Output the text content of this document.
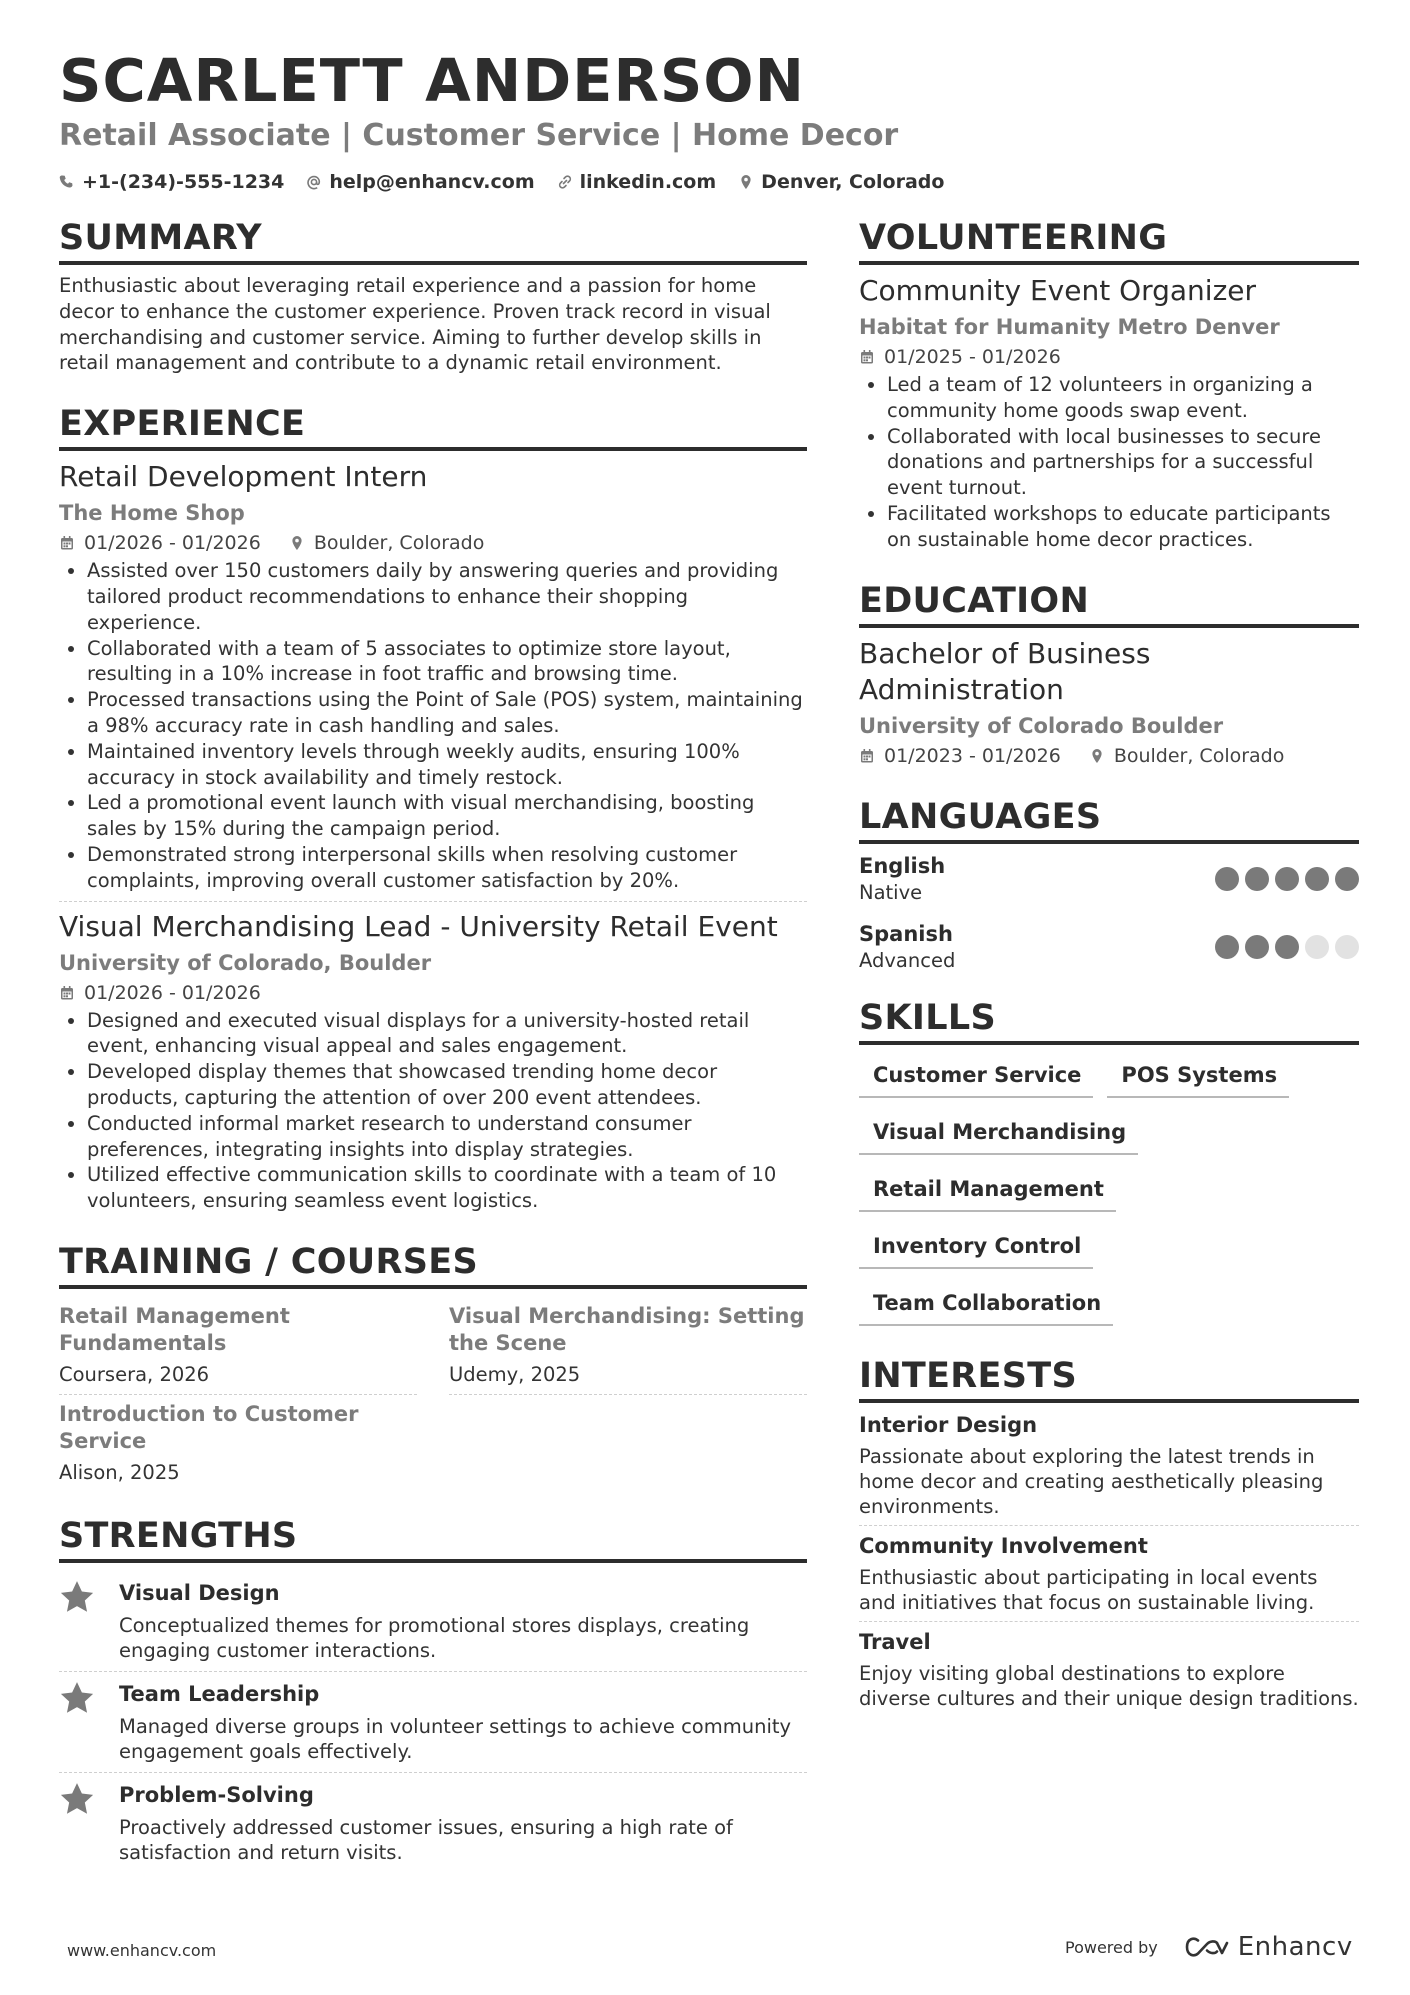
SCARLETT ANDERSON
Retail Associate | Customer Service | Home Decor
+1-(234)-555-1234 help@enhancv.com linkedin.com Denver, Colorado
SUMMARY
Enthusiastic about leveraging retail experience and a passion for home decor to enhance the customer experience. Proven track record in visual merchandising and customer service. Aiming to further develop skills in retail management and contribute to a dynamic retail environment.
EXPERIENCE
Retail Development Intern
The Home Shop
01/2026 - 01/2026	Boulder, Colorado
• Assisted over 150 customers daily by answering queries and providing tailored product recommendations to enhance their shopping experience.
• Collaborated with a team of 5 associates to optimize store layout, resulting in a 10% increase in foot traffic and browsing time.
• Processed transactions using the Point of Sale (POS) system, maintaining a 98% accuracy rate in cash handling and sales.
• Maintained inventory levels through weekly audits, ensuring 100% accuracy in stock availability and timely restock.
• Led a promotional event launch with visual merchandising, boosting sales by 15% during the campaign period.
• Demonstrated strong interpersonal skills when resolving customer complaints, improving overall customer satisfaction by 20%.
Visual Merchandising Lead - University Retail Event
University of Colorado, Boulder
01/2026 - 01/2026
• Designed and executed visual displays for a university-hosted retail event, enhancing visual appeal and sales engagement.
• Developed display themes that showcased trending home decor products, capturing the attention of over 200 event attendees.
• Conducted informal market research to understand consumer preferences, integrating insights into display strategies.
• Utilized effective communication skills to coordinate with a team of 10 volunteers, ensuring seamless event logistics.
TRAINING / COURSES
Retail Management Fundamentals
Coursera, 2026
Visual Merchandising: Setting the Scene
Udemy, 2025
Introduction to Customer Service
Alison, 2025
STRENGTHS
Visual Design
Conceptualized themes for promotional stores displays, creating engaging customer interactions.
Team Leadership
Managed diverse groups in volunteer settings to achieve community engagement goals effectively.
Problem-Solving
Proactively addressed customer issues, ensuring a high rate of satisfaction and return visits.
VOLUNTEERING
Community Event Organizer
Habitat for Humanity Metro Denver
01/2025 - 01/2026
• Led a team of 12 volunteers in organizing a community home goods swap event.
• Collaborated with local businesses to secure donations and partnerships for a successful event turnout.
• Facilitated workshops to educate participants on sustainable home decor practices.
EDUCATION
Bachelor of Business Administration
University of Colorado Boulder
01/2023 - 01/2026	Boulder, Colorado
LANGUAGES
English
Native
Spanish
Advanced
SKILLS
Customer Service	POS Systems
Visual Merchandising
Retail Management
Inventory Control
Team Collaboration
INTERESTS
Interior Design
Passionate about exploring the latest trends in home decor and creating aesthetically pleasing environments.
Community Involvement
Enthusiastic about participating in local events and initiatives that focus on sustainable living.
Travel
Enjoy visiting global destinations to explore diverse cultures and their unique design traditions.
www.enhancv.com	Powered by	Enhancv
